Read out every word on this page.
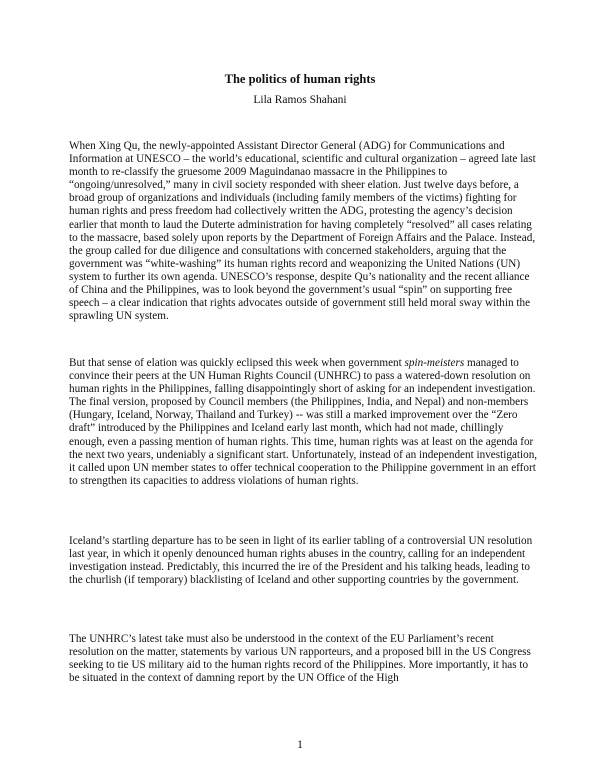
The politics of human rights
Lila Ramos Shahani

When Xing Qu, the newly-appointed Assistant Director General (ADG) for Communications and Information at UNESCO – the world’s educational, scientific and cultural organization – agreed late last month to re-classify the gruesome 2009 Maguindanao massacre in the Philippines to “ongoing/unresolved,” many in civil society responded with sheer elation. Just twelve days before, a broad group of organizations and individuals (including family members of the victims) fighting for human rights and press freedom had collectively written the ADG, protesting the agency’s decision earlier that month to laud the Duterte administration for having completely “resolved” all cases relating to the massacre, based solely upon reports by the Department of Foreign Affairs and the Palace. Instead, the group called for due diligence and consultations with concerned stakeholders, arguing that the government was “white-washing” its human rights record and weaponizing the United Nations (UN) system to further its own agenda. UNESCO’s response, despite Qu’s nationality and the recent alliance of China and the Philippines, was to look beyond the government’s usual “spin” on supporting free speech – a clear indication that rights advocates outside of government still held moral sway within the sprawling UN system.

But that sense of elation was quickly eclipsed this week when government spin-meisters managed to convince their peers at the UN Human Rights Council (UNHRC) to pass a watered-down resolution on human rights in the Philippines, falling disappointingly short of asking for an independent investigation. The final version, proposed by Council members (the Philippines, India, and Nepal) and non-members (Hungary, Iceland, Norway, Thailand and Turkey) -- was still a marked improvement over the “Zero draft” introduced by the Philippines and Iceland early last month, which had not made, chillingly enough, even a passing mention of human rights. This time, human rights was at least on the agenda for the next two years, undeniably a significant start. Unfortunately, instead of an independent investigation, it called upon UN member states to offer technical cooperation to the Philippine government in an effort to strengthen its capacities to address violations of human rights.

Iceland’s startling departure has to be seen in light of its earlier tabling of a controversial UN resolution last year, in which it openly denounced human rights abuses in the country, calling for an independent investigation instead. Predictably, this incurred the ire of the President and his talking heads, leading to the churlish (if temporary) blacklisting of Iceland and other supporting countries by the government.

The UNHRC’s latest take must also be understood in the context of the EU Parliament’s recent resolution on the matter, statements by various UN rapporteurs, and a proposed bill in the US Congress seeking to tie US military aid to the human rights record of the Philippines. More importantly, it has to be situated in the context of damning report by the UN Office of the High

1
